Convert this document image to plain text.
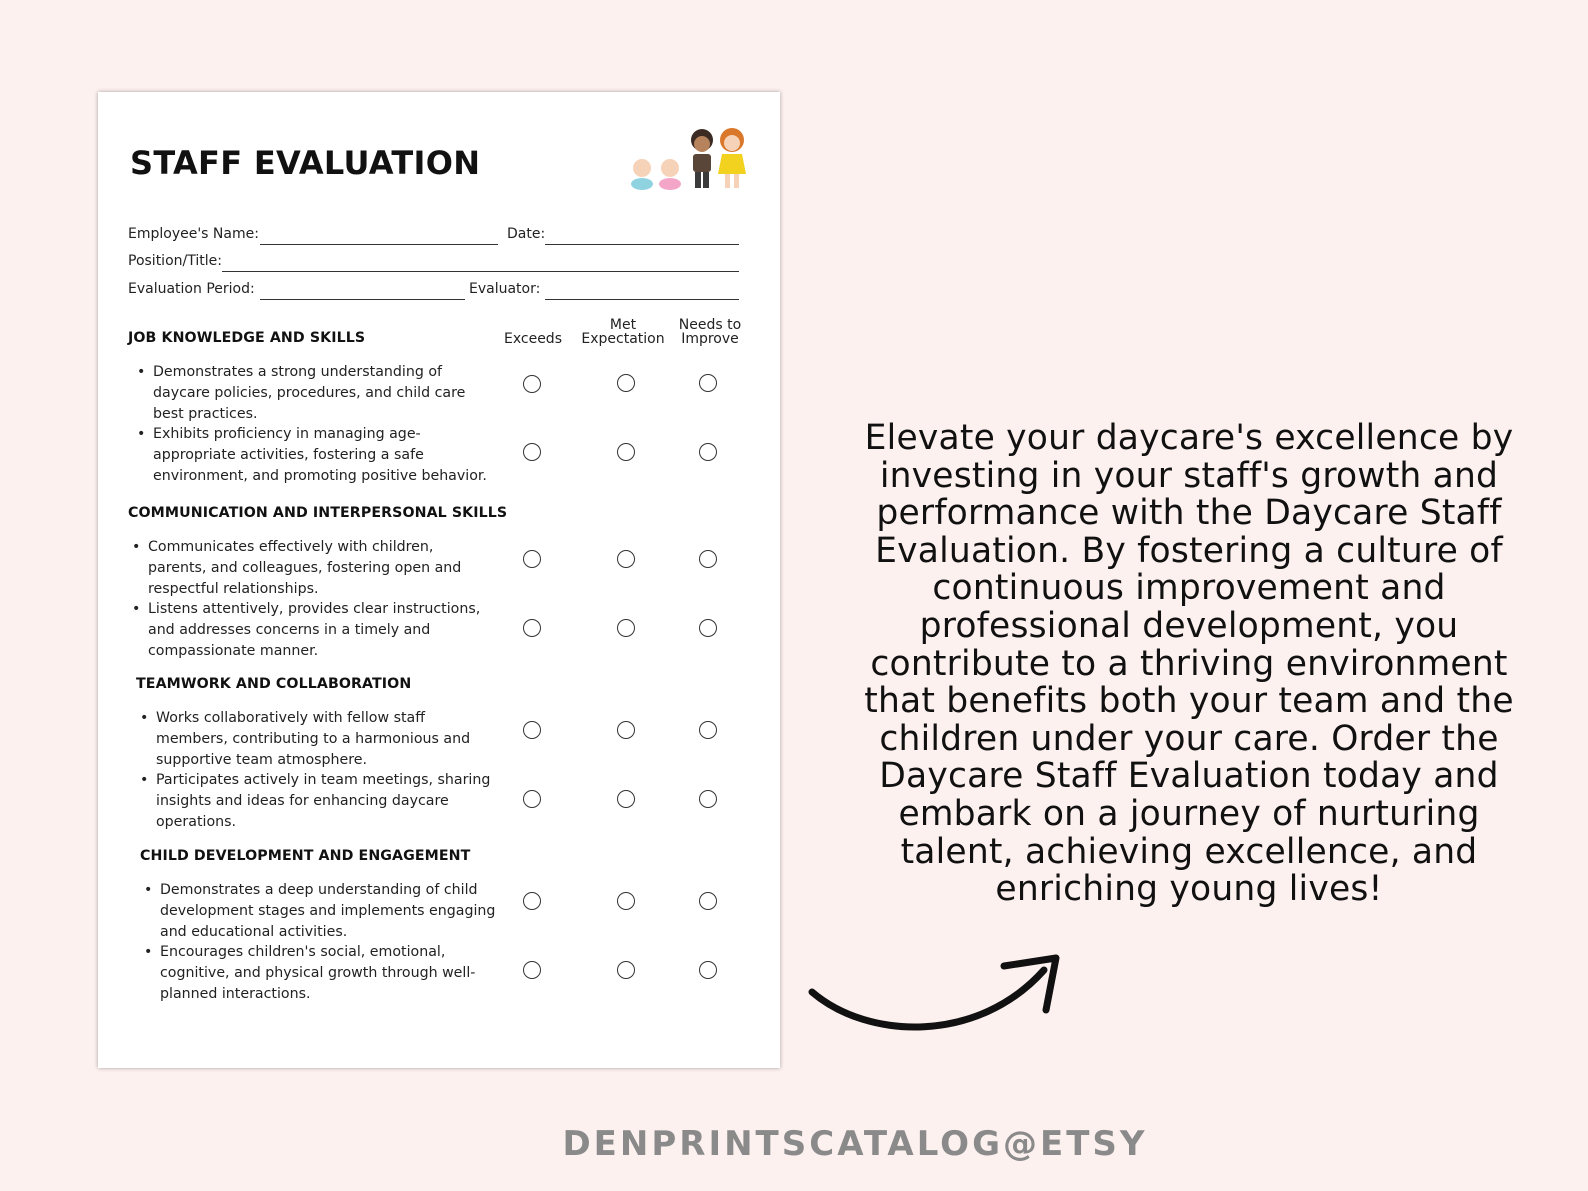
STAFF EVALUATION
Employee's Name:	Date:
Position/Title:
Evaluation Period:	Evaluator:
Exceeds
Met
Expectation
Needs to
Improve
JOB KNOWLEDGE AND SKILLS
• Demonstrates a strong understanding of daycare policies, procedures, and child care best practices.
• Exhibits proficiency in managing age-appropriate activities, fostering a safe environment, and promoting positive behavior.
COMMUNICATION AND INTERPERSONAL SKILLS
• Communicates effectively with children, parents, and colleagues, fostering open and respectful relationships.
• Listens attentively, provides clear instructions, and addresses concerns in a timely and compassionate manner.
TEAMWORK AND COLLABORATION
• Works collaboratively with fellow staff members, contributing to a harmonious and supportive team atmosphere.
• Participates actively in team meetings, sharing insights and ideas for enhancing daycare operations.
CHILD DEVELOPMENT AND ENGAGEMENT
• Demonstrates a deep understanding of child development stages and implements engaging and educational activities.
• Encourages children's social, emotional, cognitive, and physical growth through well-planned interactions.
Elevate your daycare's excellence by investing in your staff's growth and performance with the Daycare Staff Evaluation. By fostering a culture of continuous improvement and professional development, you contribute to a thriving environment that benefits both your team and the children under your care. Order the Daycare Staff Evaluation today and embark on a journey of nurturing talent, achieving excellence, and enriching young lives!
DENPRINTSCATALOG@ETSY
